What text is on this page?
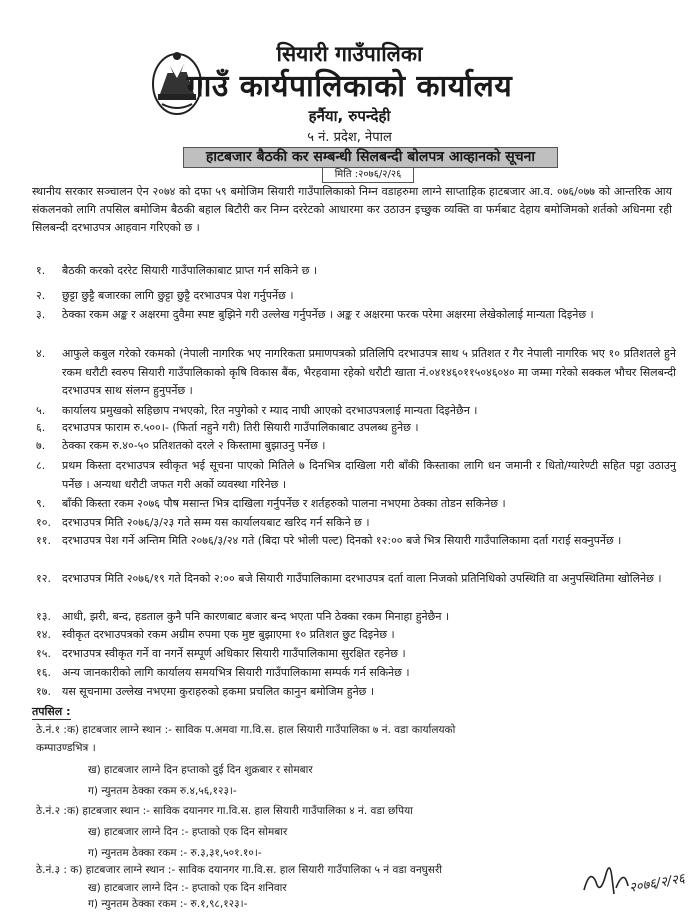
सियारी गाउँपालिका
गाउँ कार्यपालिकाको कार्यालय
हर्नैया, रुपन्देही
५ नं. प्रदेश, नेपाल
हाटबजार बैठकी कर सम्बन्धी सिलबन्दी बोलपत्र आव्हानको सूचना
मिति :२०७६/२/२६
स्थानीय सरकार सञ्चालन ऐन २०७४ को दफा ५९ बमोजिम सियारी गाउँपालिकाको निम्न वडाहरुमा लाग्ने साप्ताहिक हाटबजार आ.व. ०७६/०७७ को आन्तरिक आय संकलनको लागि तपसिल बमोजिम बैठकी बहाल बिटौरी कर निम्न दररेटको आधारमा कर उठाउन इच्छुक व्यक्ति वा फर्मबाट देहाय बमोजिमको शर्तको अधिनमा रही सिलबन्दी दरभाउपत्र आहवान गरिएको छ ।
१.	बैठकी करको दररेट सियारी गाउँपालिकाबाट प्राप्त गर्न सकिने छ ।
२.	छुट्टा छुट्टै बजारका लागि छुट्टा छुट्टै दरभाउपत्र पेश गर्नुपर्नेछ ।
३.	ठेक्का रकम अङ्क र अक्षरमा दुवैमा स्पष्ट बुझिने गरी उल्लेख गर्नुपर्नेछ । अङ्क र अक्षरमा फरक परेमा अक्षरमा लेखेकोलाई मान्यता दिइनेछ ।
४.	आफुले कबुल गरेको रकमको (नेपाली नागरिक भए नागरिकता प्रमाणपत्रको प्रतिलिपि दरभाउपत्र साथ ५ प्रतिशत र गैर नेपाली नागरिक भए १० प्रतिशतले हुने रकम धरौटी स्वरुप सियारी गाउँपालिकाको कृषि विकास बैंक, भैरहवामा रहेको धरौटी खाता नं.०४१४६०११५०४६०४० मा जम्मा गरेको सक्कल भौचर सिलबन्दी दरभाउपत्र साथ संलग्न हुनुपर्नेछ ।
५.	कार्यालय प्रमुखको सहिछाप नभएको, रित नपुगेको र म्याद नाघी आएको दरभाउपत्रलाई मान्यता दिइनेछैन ।
६.	दरभाउपत्र फाराम रु.५००।- (फिर्ता नहुने गरी) तिरी सियारी गाउँपालिकाबाट उपलब्ध हुनेछ ।
७.	ठेक्का रकम रु.४०-५० प्रतिशतको दरले २ किस्तामा बुझाउनु पर्नेछ ।
८.	प्रथम किस्ता दरभाउपत्र स्वीकृत भई सूचना पाएको मितिले ७ दिनभित्र दाखिला गरी बाँकी किस्ताका लागि धन जमानी र धितो/ग्यारेण्टी सहित पट्टा उठाउनु पर्नेछ । अन्यथा धरौटी जफत गरी अर्को व्यवस्था गरिनेछ ।
९.	बाँकी किस्ता रकम २०७६ पौष मसान्त भित्र दाखिला गर्नुपर्नेछ र शर्तहरुको पालना नभएमा ठेक्का तोडन सकिनेछ ।
१०.	दरभाउपत्र मिति २०७६/३/२३ गते सम्म यस कार्यालयबाट खरिद गर्न सकिने छ ।
११.	दरभाउपत्र पेश गर्ने अन्तिम मिति २०७६/३/२४ गते (बिदा परे भोली पल्ट) दिनको १२:०० बजे भित्र सियारी गाउँपालिकामा दर्ता गराई सक्नुपर्नेछ ।
१२.	दरभाउपत्र मिति २०७६/१९ गते दिनको २:०० बजे सियारी गाउँपालिकामा दरभाउपत्र दर्ता वाला निजको प्रतिनिधिको उपस्थिति वा अनुपस्थितिमा खोलिनेछ ।
१३.	आधी, झरी, बन्द, हडताल कुनै पनि कारणबाट बजार बन्द भएता पनि ठेक्का रकम मिनाहा हुनेछैन ।
१४.	स्वीकृत दरभाउपत्रको रकम अग्रीम रुपमा एक मुष्ट बुझाएमा १० प्रतिशत छुट दिइनेछ ।
१५.	दरभाउपत्र स्वीकृत गर्ने वा नगर्ने सम्पूर्ण अधिकार सियारी गाउँपालिकामा सुरक्षित रहनेछ ।
१६.	अन्य जानकारीको लागि कार्यालय समयभित्र सियारी गाउँपालिकामा सम्पर्क गर्न सकिनेछ ।
१७.	यस सूचनामा उल्लेख नभएमा कुराहरुको हकमा प्रचलित कानुन बमोजिम हुनेछ ।
तपसिल :
ठे.नं.१ :क) हाटबजार लाग्ने स्थान :- साविक प.अमवा गा.वि.स. हाल सियारी गाउँपालिका ७ नं. वडा कार्यालयको
कम्पाउण्डभित्र ।
ख) हाटबजार लाग्ने दिन हप्ताको दुई दिन शुक्रबार र सोमबार
ग) न्युनतम ठेक्का रकम रु.४,५६,१२३।-
ठे.नं.२ :क) हाटबजार स्थान :- साविक दयानगर गा.वि.स. हाल सियारी गाउँपालिका ४ नं. वडा छपिया
ख) हाटबजार लाग्ने दिन :- हप्ताको एक दिन सोमबार
ग) न्युनतम ठेक्का रकम :- रु.३,३१,५०१.१०।-
ठे.नं.३ : क) हाटबजार लाग्ने स्थान :- साविक दयानगर गा.वि.स. हाल सियारी गाउँपालिका ५ नं वडा वनघुसरी
ख) हाटबजार लाग्ने दिन :- हप्ताको एक दिन शनिवार
ग) न्युनतम ठेक्का रकम :- रु.१,९८,१२३।-
२०७६/२/२६
